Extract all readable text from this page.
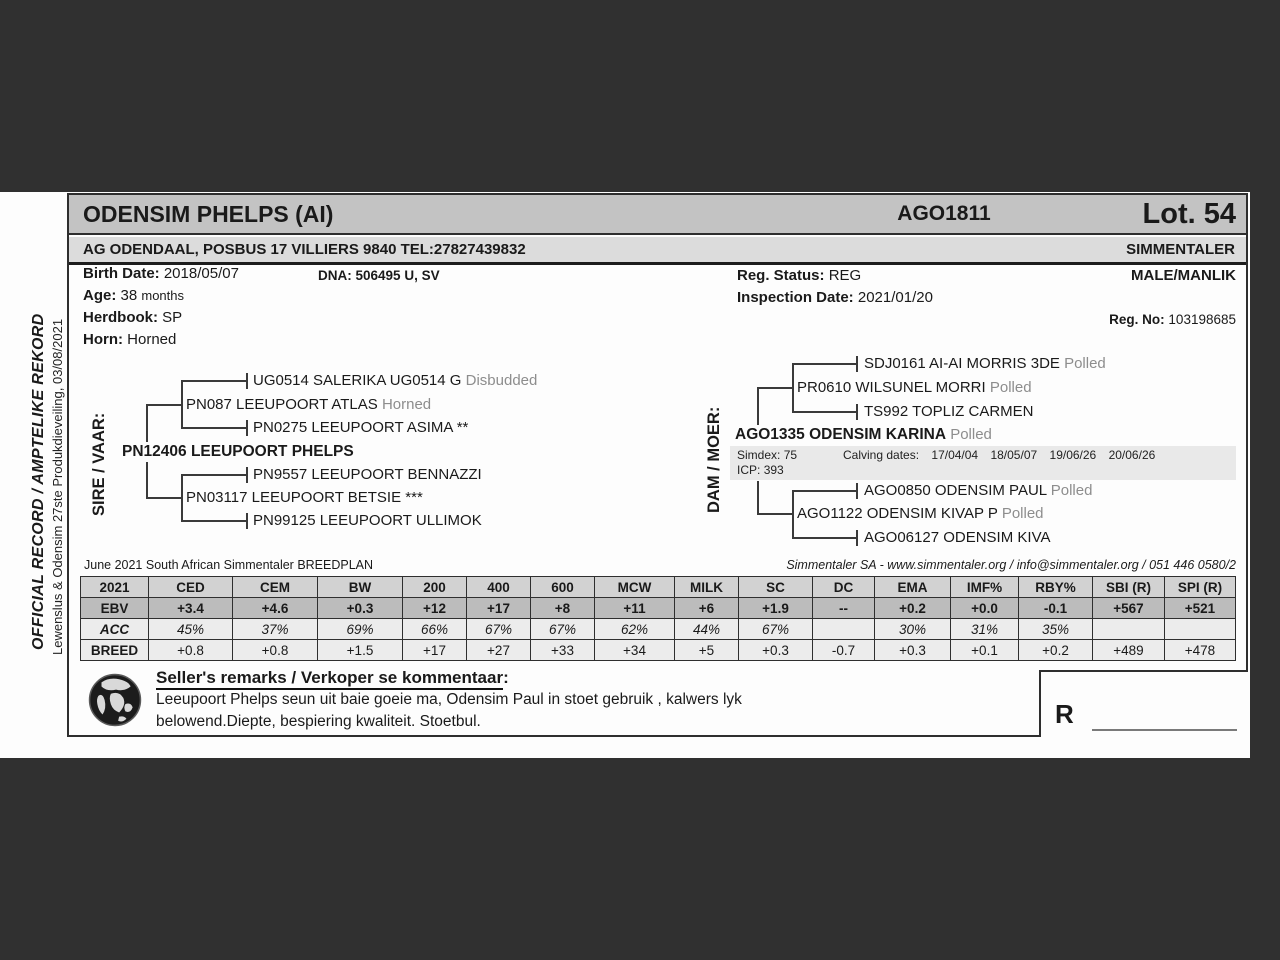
OFFICIAL RECORD / AMPTELIKE REKORD Lewenslus & Odensim 27ste Produkdieveiling, 03/08/2021
ODENSIM PHELPS (AI)	AGO1811	Lot. 54
AG ODENDAAL, POSBUS 17 VILLIERS 9840 TEL:27827439832	SIMMENTALER
Birth Date: 2018/05/07	DNA: 506495 U, SV
Age: 38 months
Herdbook: SP
Horn: Horned
Reg. Status: REG
Inspection Date: 2021/01/20
MALE/MANLIK
Reg. No: 103198685
SIRE / VAAR:
UG0514 SALERIKA UG0514 G Disbudded
PN087 LEEUPOORT ATLAS Horned
PN0275 LEEUPOORT ASIMA **
PN12406 LEEUPOORT PHELPS
PN9557 LEEUPOORT BENNAZZI
PN03117 LEEUPOORT BETSIE ***
PN99125 LEEUPOORT ULLIMOK
DAM / MOER:
SDJ0161 AI-AI MORRIS 3DE Polled
PR0610 WILSUNEL MORRI Polled
TS992 TOPLIZ CARMEN
AGO1335 ODENSIM KARINA Polled
Simdex: 75	Calving dates: 17/04/04 18/05/07 19/06/26 20/06/26
ICP: 393
AGO0850 ODENSIM PAUL Polled
AGO1122 ODENSIM KIVAP P Polled
AGO06127 ODENSIM KIVA
June 2021 South African Simmentaler BREEDPLAN	Simmentaler SA - www.simmentaler.org / info@simmentaler.org / 051 446 0580/2
2021	CED	CEM	BW	200	400	600	MCW	MILK	SC	DC	EMA	IMF%	RBY%	SBI (R)	SPI (R)
EBV	+3.4	+4.6	+0.3	+12	+17	+8	+11	+6	+1.9	--	+0.2	+0.0	-0.1	+567	+521
ACC	45%	37%	69%	66%	67%	67%	62%	44%	67%		30%	31%	35%		
BREED	+0.8	+0.8	+1.5	+17	+27	+33	+34	+5	+0.3	-0.7	+0.3	+0.1	+0.2	+489	+478
Seller's remarks / Verkoper se kommentaar:
Leeupoort Phelps seun uit baie goeie ma, Odensim Paul in stoet gebruik , kalwers lyk
belowend.Diepte, bespiering kwaliteit. Stoetbul.	R
